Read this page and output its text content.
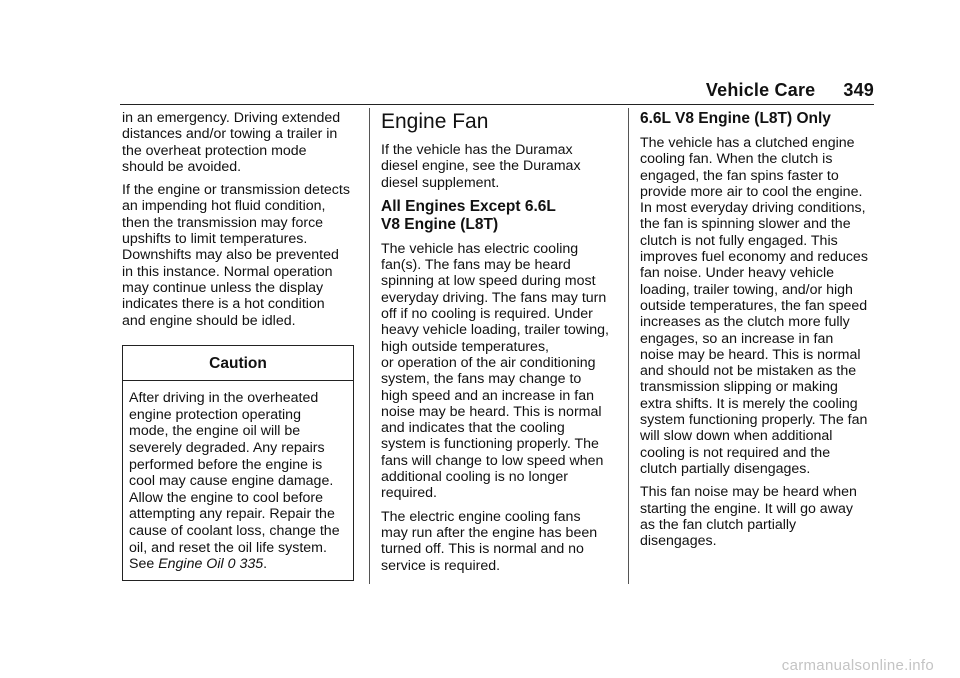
Vehicle Care 349

in an emergency. Driving extended
distances and/or towing a trailer in
the overheat protection mode
should be avoided.

If the engine or transmission detects
an impending hot fluid condition,
then the transmission may force
upshifts to limit temperatures.
Downshifts may also be prevented
in this instance. Normal operation
may continue unless the display
indicates there is a hot condition
and engine should be idled.

Caution
After driving in the overheated
engine protection operating
mode, the engine oil will be
severely degraded. Any repairs
performed before the engine is
cool may cause engine damage.
Allow the engine to cool before
attempting any repair. Repair the
cause of coolant loss, change the
oil, and reset the oil life system.
See Engine Oil 0 335.
Engine Fan

If the vehicle has the Duramax
diesel engine, see the Duramax
diesel supplement.

All Engines Except 6.6L
V8 Engine (L8T)

The vehicle has electric cooling
fan(s). The fans may be heard
spinning at low speed during most
everyday driving. The fans may turn
off if no cooling is required. Under
heavy vehicle loading, trailer towing,
high outside temperatures,
or operation of the air conditioning
system, the fans may change to
high speed and an increase in fan
noise may be heard. This is normal
and indicates that the cooling
system is functioning properly. The
fans will change to low speed when
additional cooling is no longer
required.

The electric engine cooling fans
may run after the engine has been
turned off. This is normal and no
service is required.

6.6L V8 Engine (L8T) Only

The vehicle has a clutched engine
cooling fan. When the clutch is
engaged, the fan spins faster to
provide more air to cool the engine.
In most everyday driving conditions,
the fan is spinning slower and the
clutch is not fully engaged. This
improves fuel economy and reduces
fan noise. Under heavy vehicle
loading, trailer towing, and/or high
outside temperatures, the fan speed
increases as the clutch more fully
engages, so an increase in fan
noise may be heard. This is normal
and should not be mistaken as the
transmission slipping or making
extra shifts. It is merely the cooling
system functioning properly. The fan
will slow down when additional
cooling is not required and the
clutch partially disengages.

This fan noise may be heard when
starting the engine. It will go away
as the fan clutch partially
disengages.

carmanualsonline.info
